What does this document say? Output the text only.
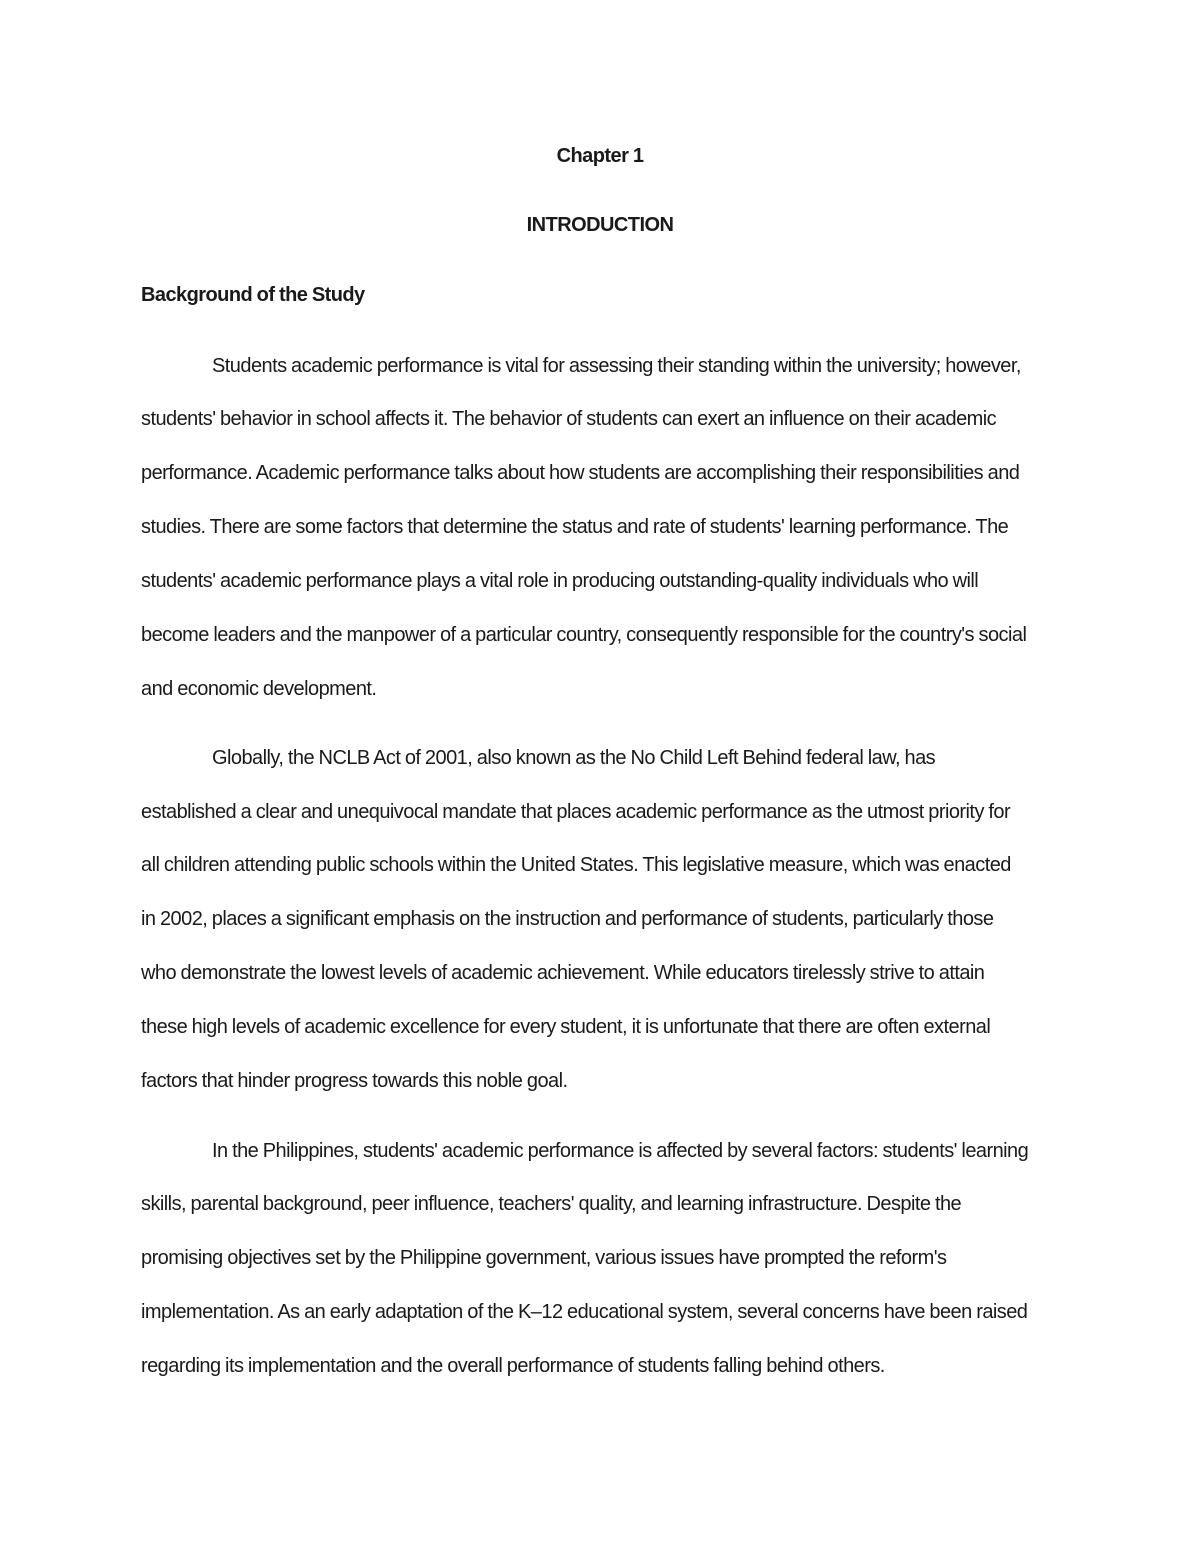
Chapter 1
INTRODUCTION
Background of the Study
Students academic performance is vital for assessing their standing within the university; however,
students' behavior in school affects it. The behavior of students can exert an influence on their academic
performance. Academic performance talks about how students are accomplishing their responsibilities and
studies. There are some factors that determine the status and rate of students' learning performance. The
students' academic performance plays a vital role in producing outstanding-quality individuals who will
become leaders and the manpower of a particular country, consequently responsible for the country's social
and economic development.
Globally, the NCLB Act of 2001, also known as the No Child Left Behind federal law, has
established a clear and unequivocal mandate that places academic performance as the utmost priority for
all children attending public schools within the United States. This legislative measure, which was enacted
in 2002, places a significant emphasis on the instruction and performance of students, particularly those
who demonstrate the lowest levels of academic achievement. While educators tirelessly strive to attain
these high levels of academic excellence for every student, it is unfortunate that there are often external
factors that hinder progress towards this noble goal.
In the Philippines, students' academic performance is affected by several factors: students' learning
skills, parental background, peer influence, teachers' quality, and learning infrastructure. Despite the
promising objectives set by the Philippine government, various issues have prompted the reform's
implementation. As an early adaptation of the K–12 educational system, several concerns have been raised
regarding its implementation and the overall performance of students falling behind others.
